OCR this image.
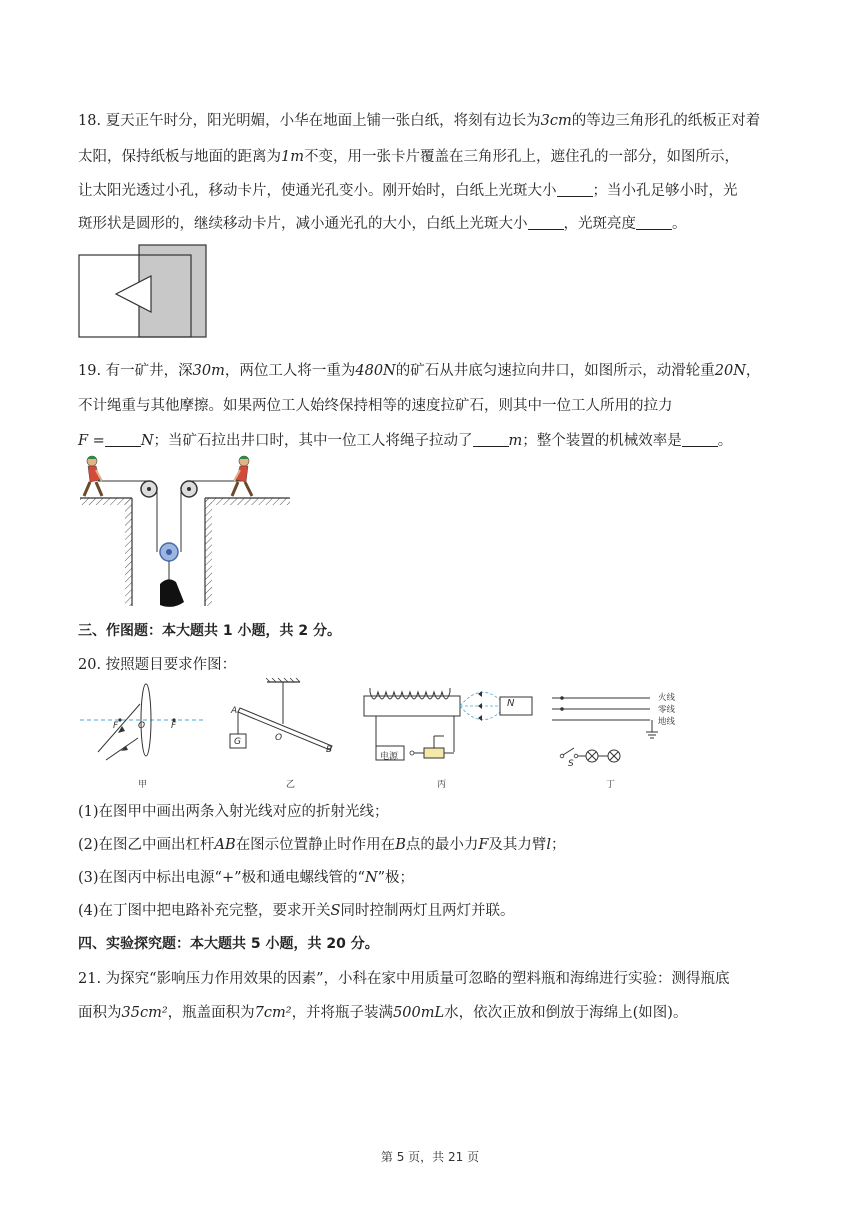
18. 夏天正午时分，阳光明媚，小华在地面上铺一张白纸，将刻有边长为3cm的等边三角形孔的纸板正对着
太阳，保持纸板与地面的距离为1m不变，用一张卡片覆盖在三角形孔上，遮住孔的一部分，如图所示，
让太阳光透过小孔，移动卡片，使通光孔变小。刚开始时，白纸上光斑大小 ；当小孔足够小时，光
斑形状是圆形的，继续移动卡片，减小通光孔的大小，白纸上光斑大小 ，光斑亮度 。
19. 有一矿井，深30m，两位工人将一重为480N的矿石从井底匀速拉向井口，如图所示，动滑轮重20N，
不计绳重与其他摩擦。如果两位工人始终保持相等的速度拉矿石，则其中一位工人所用的拉力
F = N；当矿石拉出井口时，其中一位工人将绳子拉动了 m；整个装置的机械效率是 。
三、作图题：本大题共 1 小题，共 2 分。
20. 按照题目要求作图：
F O	F
甲
A
O
B
G
乙
N
电源
丙
火线
零线
地线
S
丁
(1)在图甲中画出两条入射光线对应的折射光线；
(2)在图乙中画出杠杆AB在图示位置静止时作用在B点的最小力F及其力臂l；
(3)在图丙中标出电源“+”极和通电螺线管的“N”极；
(4)在丁图中把电路补充完整，要求开关S同时控制两灯且两灯并联。
四、实验探究题：本大题共 5 小题，共 20 分。
21. 为探究“影响压力作用效果的因素”，小科在家中用质量可忽略的塑料瓶和海绵进行实验：测得瓶底
面积为35cm²，瓶盖面积为7cm²，并将瓶子装满500mL水，依次正放和倒放于海绵上(如图)。
第 5 页，共 21 页
